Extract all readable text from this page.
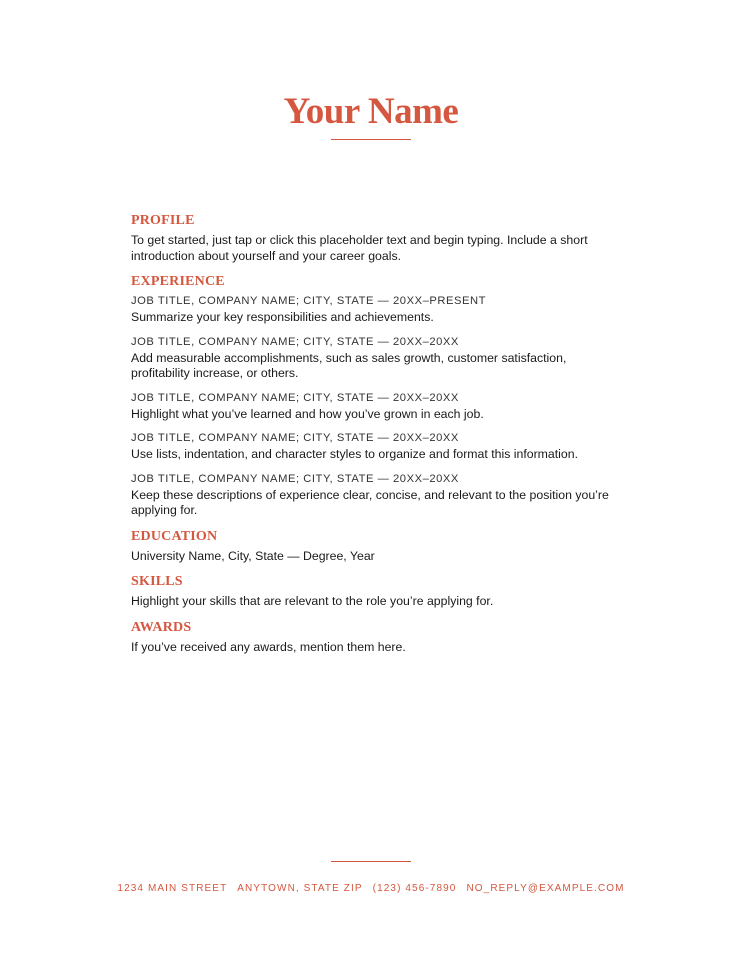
Your Name
PROFILE

To get started, just tap or click this placeholder text and begin typing. Include a short introduction about yourself and your career goals.

EXPERIENCE

JOB TITLE, COMPANY NAME; CITY, STATE — 20XX–PRESENT

Summarize your key responsibilities and achievements.

JOB TITLE, COMPANY NAME; CITY, STATE — 20XX–20XX

Add measurable accomplishments, such as sales growth, customer satisfaction, profitability increase, or others.

JOB TITLE, COMPANY NAME; CITY, STATE — 20XX–20XX

Highlight what you’ve learned and how you’ve grown in each job.

JOB TITLE, COMPANY NAME; CITY, STATE — 20XX–20XX

Use lists, indentation, and character styles to organize and format this information.

JOB TITLE, COMPANY NAME; CITY, STATE — 20XX–20XX

Keep these descriptions of experience clear, concise, and relevant to the position you’re applying for.

EDUCATION

University Name, City, State — Degree, Year

SKILLS

Highlight your skills that are relevant to the role you’re applying for.

AWARDS

If you’ve received any awards, mention them here.

1234 MAIN STREET ANYTOWN, STATE ZIP (123) 456-7890 NO_REPLY@EXAMPLE.COM
